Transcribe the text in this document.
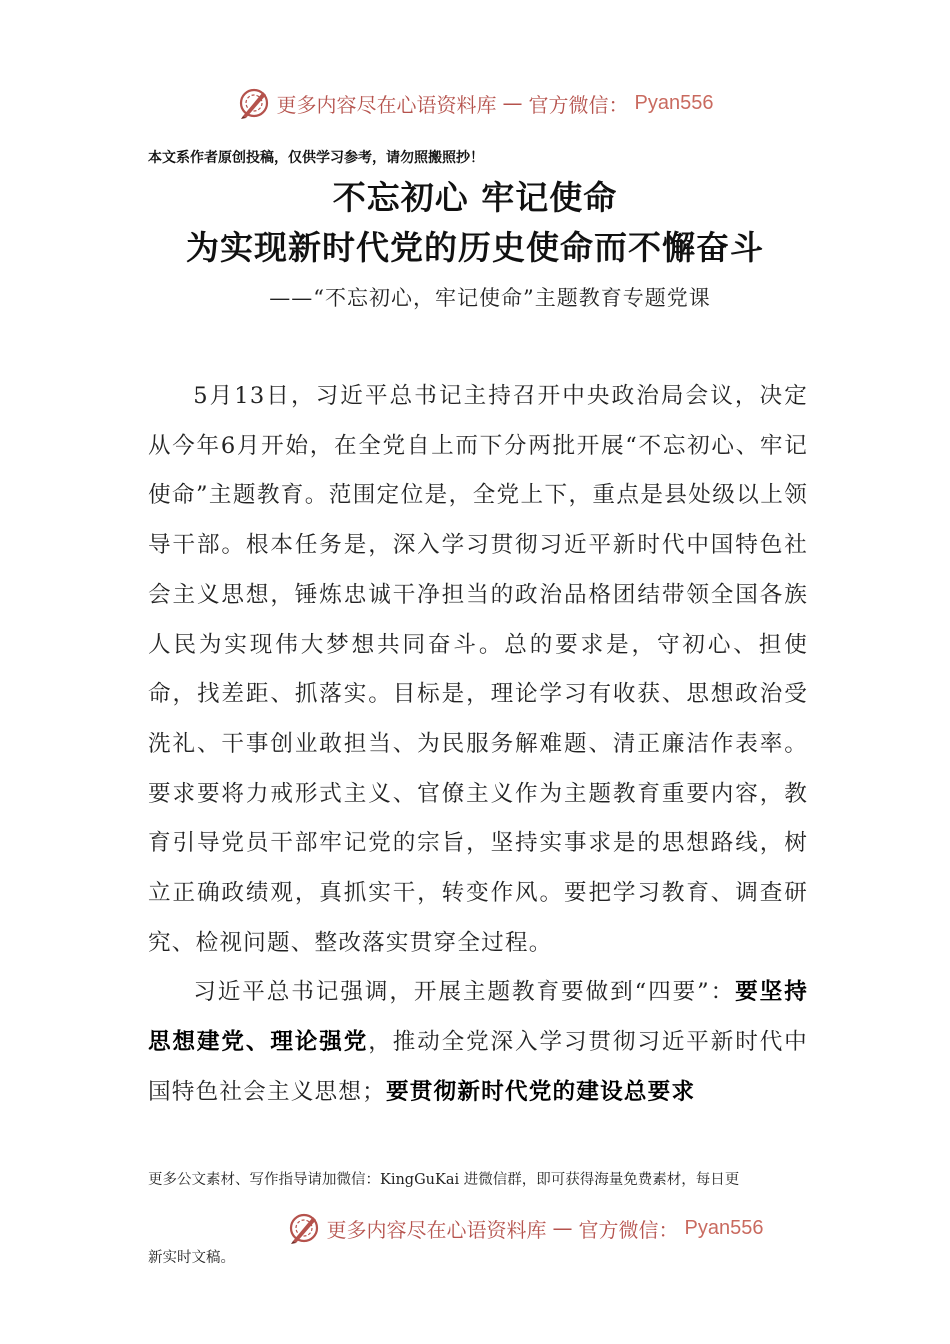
更多内容尽在心语资料库 — 官方微信： Pyan556
本文系作者原创投稿，仅供学习参考，请勿照搬照抄！
不忘初心 牢记使命
为实现新时代党的历史使命而不懈奋斗
——“不忘初心，牢记使命”主题教育专题党课

5月13日，习近平总书记主持召开中央政治局会议，决定从今年6月开始，在全党自上而下分两批开展“不忘初心、牢记使命”主题教育。范围定位是，全党上下，重点是县处级以上领导干部。根本任务是，深入学习贯彻习近平新时代中国特色社会主义思想，锤炼忠诚干净担当的政治品格团结带领全国各族人民为实现伟大梦想共同奋斗。总的要求是，守初心、担使命，找差距、抓落实。目标是，理论学习有收获、思想政治受洗礼、干事创业敢担当、为民服务解难题、清正廉洁作表率。要求要将力戒形式主义、官僚主义作为主题教育重要内容，教育引导党员干部牢记党的宗旨，坚持实事求是的思想路线，树立正确政绩观，真抓实干，转变作风。要把学习教育、调查研究、检视问题、整改落实贯穿全过程。

习近平总书记强调，开展主题教育要做到“四要”：要坚持思想建党、理论强党，推动全党深入学习贯彻习近平新时代中国特色社会主义思想；要贯彻新时代党的建设总要求

更多公文素材、写作指导请加微信：KingGuKai 进微信群，即可获得海量免费素材，每日更
更多内容尽在心语资料库 — 官方微信： Pyan556
新实时文稿。
